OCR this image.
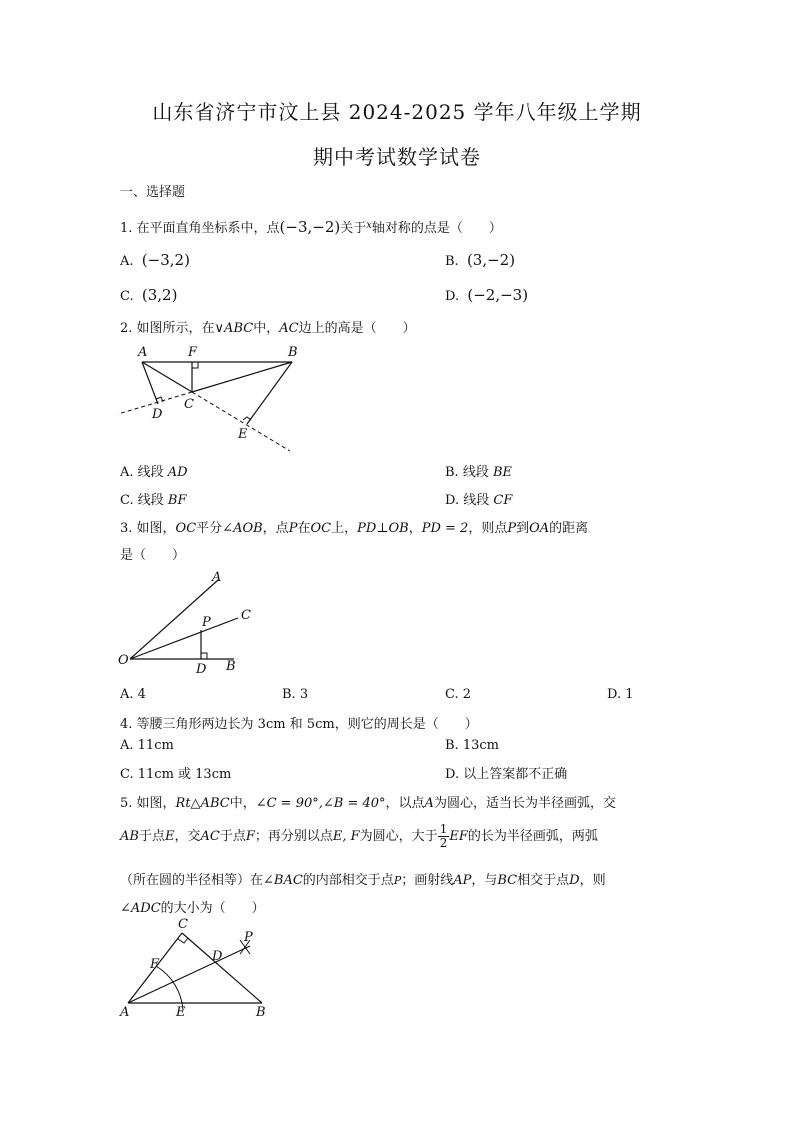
山东省济宁市汶上县 2024-2025 学年八年级上学期
期中考试数学试卷
一、选择题
1. 在平面直角坐标系中，点(−3,−2)关于$^x$轴对称的点是（　　）
A. (−3,2)	B. (3,−2)
C. (3,2)	D. (−2,−3)
2. 如图所示，在∨ABC中，AC边上的高是（　　）
A	F	B
C
D
E
A. 线段 AD	B. 线段 BE
C. 线段 BF	D. 线段 CF
3. 如图，OC平分∠AOB，点P在OC上，PD⊥OB，PD = 2，则点P到OA的距离
是（　　）
A
C
P
O
D B
A. 4	B. 3	C. 2	D. 1
4. 等腰三角形两边长为 3cm 和 5cm，则它的周长是（　　）
A. 11cm	B. 13cm
C. 11cm 或 13cm	D. 以上答案都不正确
5. 如图，Rt△ABC中，∠C = 90°,∠B = 40°，以点A为圆心，适当长为半径画弧，交
AB于点E，交AC于点F；再分别以点E, F为圆心，大于 $\frac{1}{2}$ EF的长为半径画弧，两弧
（所在圆的半径相等）在∠BAC的内部相交于点P；画射线AP，与BC相交于点D，则
∠ADC的大小为（　　）
C
F
D
P
A	E	B
